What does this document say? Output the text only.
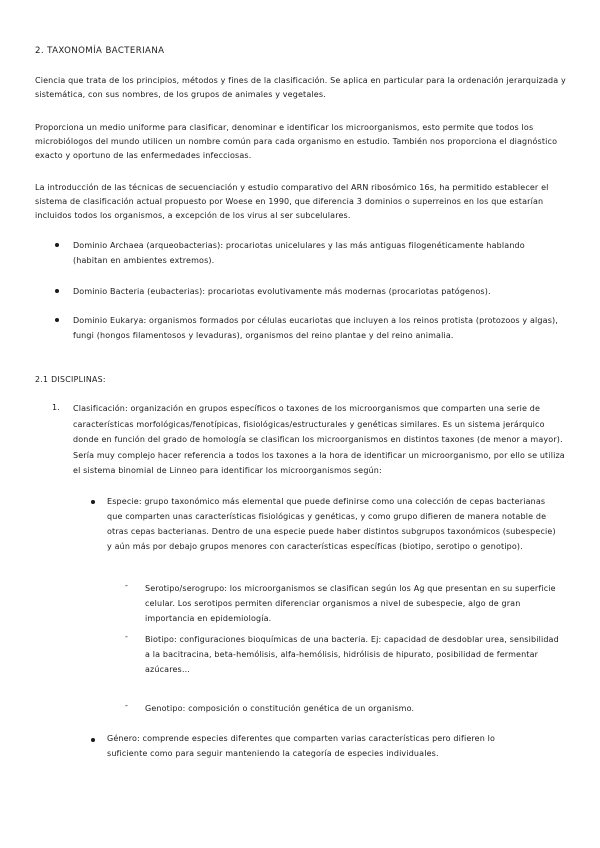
2. TAXONOMÍA BACTERIANA

Ciencia que trata de los principios, métodos y fines de la clasificación. Se aplica en particular para la ordenación jerarquizada y sistemática, con sus nombres, de los grupos de animales y vegetales.

Proporciona un medio uniforme para clasificar, denominar e identificar los microorganismos, esto permite que todos los microbiólogos del mundo utilicen un nombre común para cada organismo en estudio. También nos proporciona el diagnóstico exacto y oportuno de las enfermedades infecciosas.

La introducción de las técnicas de secuenciación y estudio comparativo del ARN ribosómico 16s, ha permitido establecer el sistema de clasificación actual propuesto por Woese en 1990, que diferencia 3 dominios o superreinos en los que estarían incluidos todos los organismos, a excepción de los virus al ser subcelulares.

Dominio Archaea (arqueobacterias): procariotas unicelulares y las más antiguas filogenéticamente hablando (habitan en ambientes extremos).

Dominio Bacteria (eubacterias): procariotas evolutivamente más modernas (procariotas patógenos).

Dominio Eukarya: organismos formados por células eucariotas que incluyen a los reinos protista (protozoos y algas), fungi (hongos filamentosos y levaduras), organismos del reino plantae y del reino animalia.

2.1 DISCIPLINAS:
1. Clasificación: organización en grupos específicos o taxones de los microorganismos que comparten una serie de características morfológicas/fenotípicas, fisiológicas/estructurales y genéticas similares. Es un sistema jerárquico donde en función del grado de homología se clasifican los microorganismos en distintos taxones (de menor a mayor). Sería muy complejo hacer referencia a todos los taxones a la hora de identificar un microorganismo, por ello se utiliza el sistema binomial de Linneo para identificar los microorganismos según:

Especie: grupo taxonómico más elemental que puede definirse como una colección de cepas bacterianas que comparten unas características fisiológicas y genéticas, y como grupo difieren de manera notable de otras cepas bacterianas. Dentro de una especie puede haber distintos subgrupos taxonómicos (subespecie) y aún más por debajo grupos menores con características específicas (biotipo, serotipo o genotipo).

- Serotipo/serogrupo: los microorganismos se clasifican según los Ag que presentan en su superficie celular. Los serotipos permiten diferenciar organismos a nivel de subespecie, algo de gran importancia en epidemiología.

- Biotipo: configuraciones bioquímicas de una bacteria. Ej: capacidad de desdoblar urea, sensibilidad a la bacitracina, beta-hemólisis, alfa-hemólisis, hidrólisis de hipurato, posibilidad de fermentar azúcares…

- Genotipo: composición o constitución genética de un organismo.

Género: comprende especies diferentes que comparten varias características pero difieren lo suficiente como para seguir manteniendo la categoría de especies individuales.
